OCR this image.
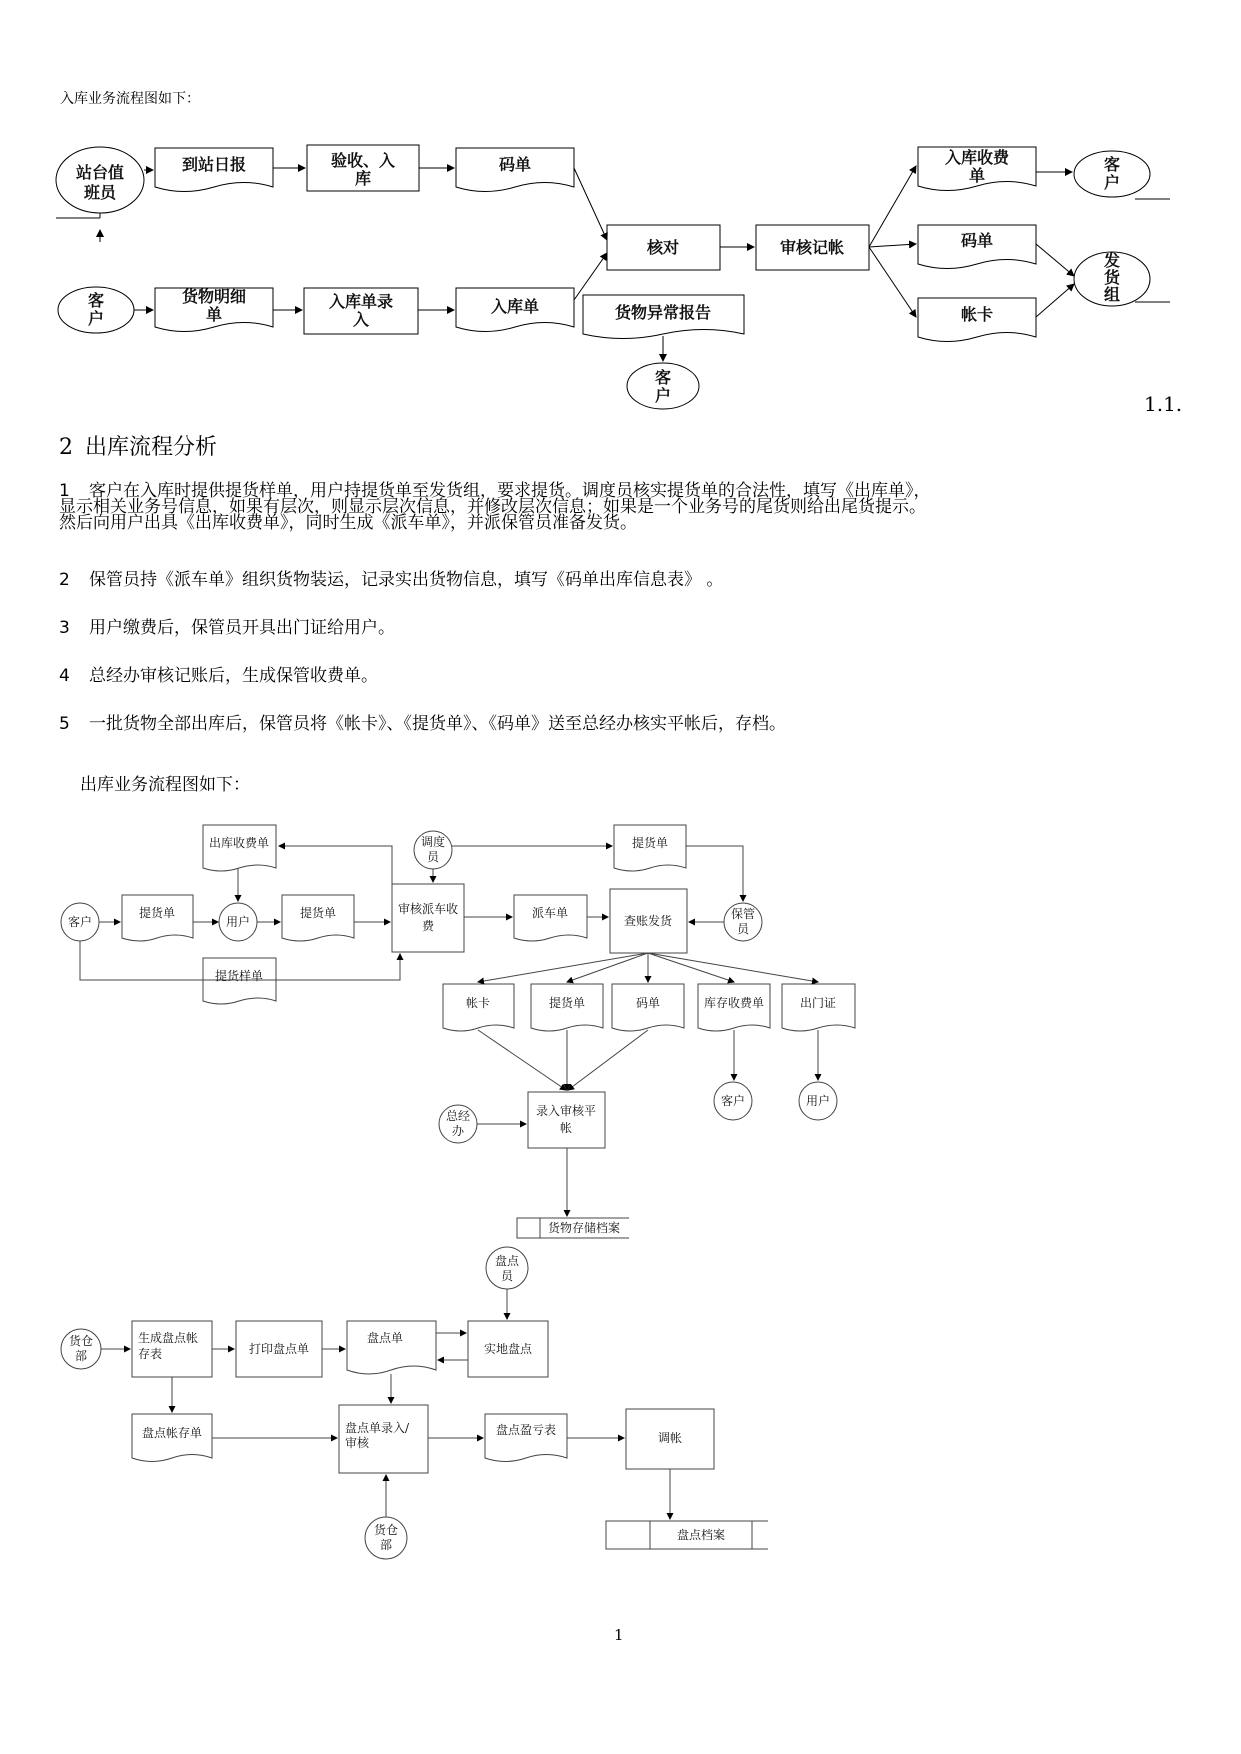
入库业务流程图如下：
站台值
班员
到站日报	验收、入
库
码单
核对	审核记帐
入库收费
单
客
户
码单
发
货
组
帐卡
客
户
货物明细
单
入库单录
入
入库单	货物异常报告
客
户	1.1.
2 出库流程分析
1 客户在入库时提供提货样单，用户持提货单至发货组，要求提货。调度员核实提货单的合法性，填写《出库单》，
显示相关业务号信息，如果有层次，则显示层次信息，并修改层次信息；如果是一个业务号的尾货则给出尾货提示。
然后向用户出具《出库收费单》，同时生成《派车单》，并派保管员准备发货。
2 保管员持《派车单》组织货物装运，记录实出货物信息，填写《码单出库信息表》 。
3 用户缴费后，保管员开具出门证给用户。
4 总经办审核记账后，生成保管收费单。
5 一批货物全部出库后，保管员将《帐卡》、《提货单》、《码单》送至总经办核实平帐后，存档。
出库业务流程图如下：
出库收费单	调度
员
提货单
客户
提货单
用户
提货单	审核派车收
费
派车单
查账发货	保管
员
提货样单
帐卡	提货单	码单	库存收费单	出门证
客户	用户
总经
办
录入审核平
帐
货物存储档案
盘点
员
货仓
部
生成盘点帐
存表	打印盘点单
盘点单
实地盘点
盘点帐存单	盘点单录入/
审核
盘点盈亏表
调帐
货仓
部
盘点档案
1
